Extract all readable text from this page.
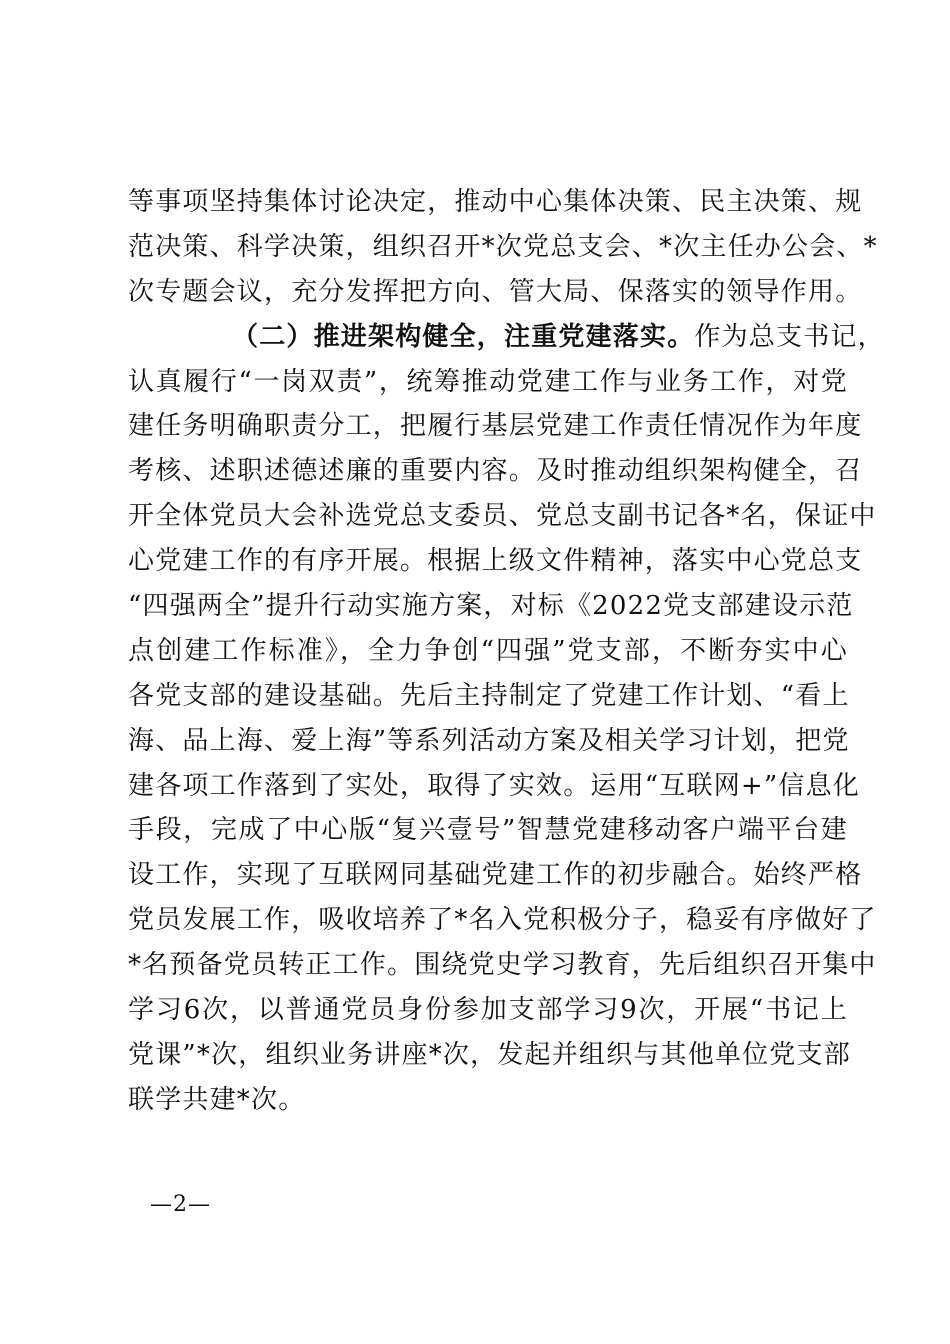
等事项坚持集体讨论决定，推动中心集体决策、民主决策、规
范决策、科学决策，组织召开*次党总支会、*次主任办公会、*
次专题会议，充分发挥把方向、管大局、保落实的领导作用。
（二）推进架构健全，注重党建落实。作为总支书记，
认真履行“一岗双责”，统筹推动党建工作与业务工作，对党
建任务明确职责分工，把履行基层党建工作责任情况作为年度
考核、述职述德述廉的重要内容。及时推动组织架构健全，召
开全体党员大会补选党总支委员、党总支副书记各*名，保证中
心党建工作的有序开展。根据上级文件精神，落实中心党总支
“四强两全”提升行动实施方案，对标《2022党支部建设示范
点创建工作标准》，全力争创“四强”党支部，不断夯实中心
各党支部的建设基础。先后主持制定了党建工作计划、“看上
海、品上海、爱上海”等系列活动方案及相关学习计划，把党
建各项工作落到了实处，取得了实效。运用“互联网+”信息化
手段，完成了中心版“复兴壹号”智慧党建移动客户端平台建
设工作，实现了互联网同基础党建工作的初步融合。始终严格
党员发展工作，吸收培养了*名入党积极分子，稳妥有序做好了
*名预备党员转正工作。围绕党史学习教育，先后组织召开集中
学习6次，以普通党员身份参加支部学习9次，开展“书记上
党课”*次，组织业务讲座*次，发起并组织与其他单位党支部
联学共建*次。
—2—
